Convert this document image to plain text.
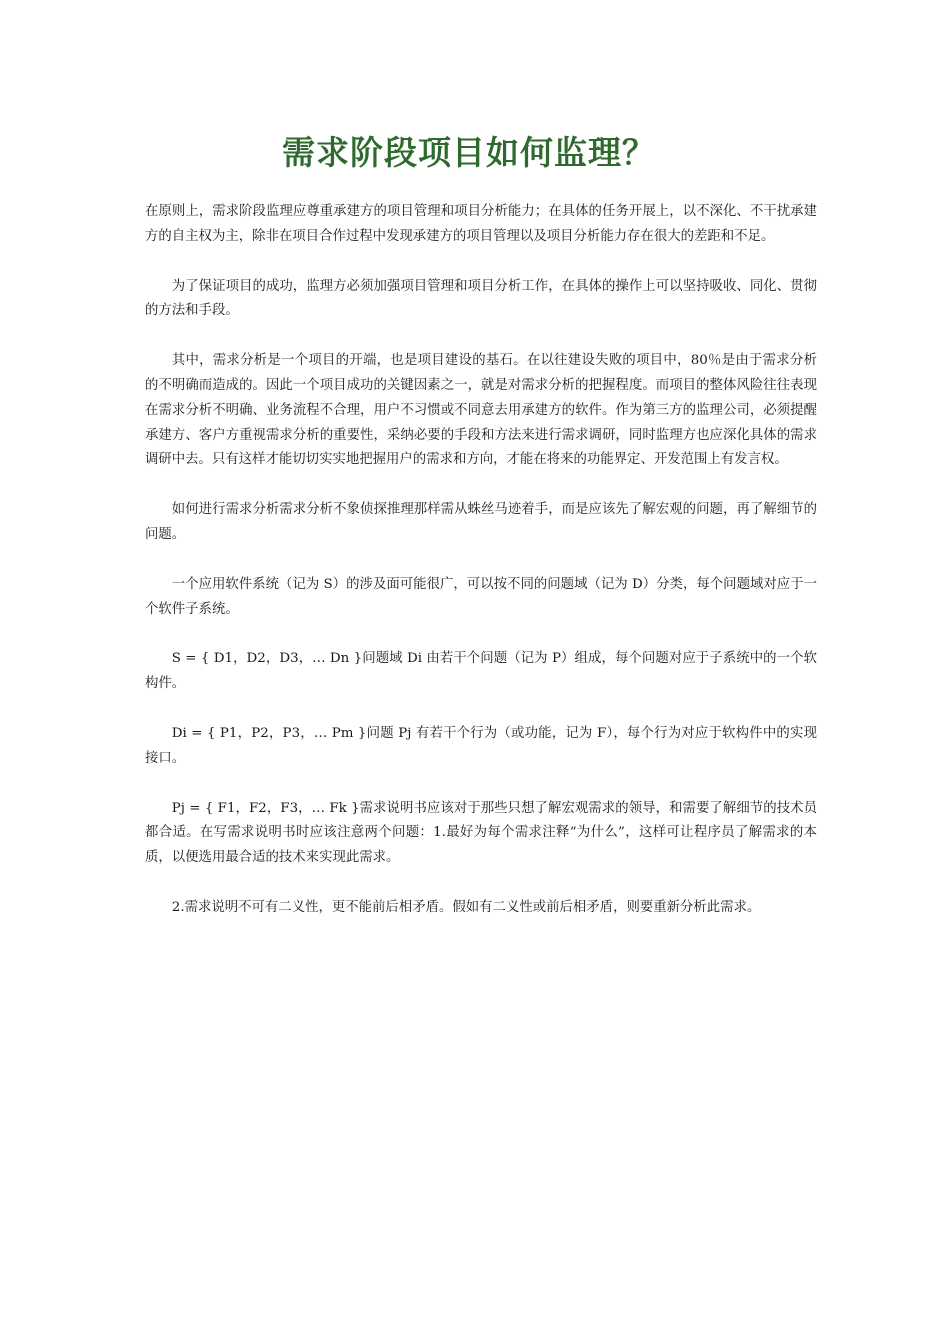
需求阶段项目如何监理？

在原则上，需求阶段监理应尊重承建方的项目管理和项目分析能力；在具体的任务开展上，以不深化、不干扰承建方的自主权为主，除非在项目合作过程中发现承建方的项目管理以及项目分析能力存在很大的差距和不足。

为了保证项目的成功，监理方必须加强项目管理和项目分析工作，在具体的操作上可以坚持吸收、同化、贯彻的方法和手段。

其中，需求分析是一个项目的开端，也是项目建设的基石。在以往建设失败的项目中，80％是由于需求分析的不明确而造成的。因此一个项目成功的关键因素之一，就是对需求分析的把握程度。而项目的整体风险往往表现在需求分析不明确、业务流程不合理，用户不习惯或不同意去用承建方的软件。作为第三方的监理公司，必须提醒承建方、客户方重视需求分析的重要性，采纳必要的手段和方法来进行需求调研，同时监理方也应深化具体的需求调研中去。只有这样才能切切实实地把握用户的需求和方向，才能在将来的功能界定、开发范围上有发言权。

如何进行需求分析需求分析不象侦探推理那样需从蛛丝马迹着手，而是应该先了解宏观的问题，再了解细节的问题。

一个应用软件系统（记为 S）的涉及面可能很广，可以按不同的问题域（记为 D）分类，每个问题域对应于一个软件子系统。

S = { D1，D2，D3，… Dn }问题域 Di 由若干个问题（记为 P）组成，每个问题对应于子系统中的一个软构件。

Di = { P1，P2，P3，… Pm }问题 Pj 有若干个行为（或功能，记为 F），每个行为对应于软构件中的实现接口。

Pj = { F1，F2，F3，… Fk }需求说明书应该对于那些只想了解宏观需求的领导，和需要了解细节的技术员都合适。在写需求说明书时应该注意两个问题：1.最好为每个需求注释“为什么”，这样可让程序员了解需求的本质，以便选用最合适的技术来实现此需求。

2.需求说明不可有二义性，更不能前后相矛盾。假如有二义性或前后相矛盾，则要重新分析此需求。
